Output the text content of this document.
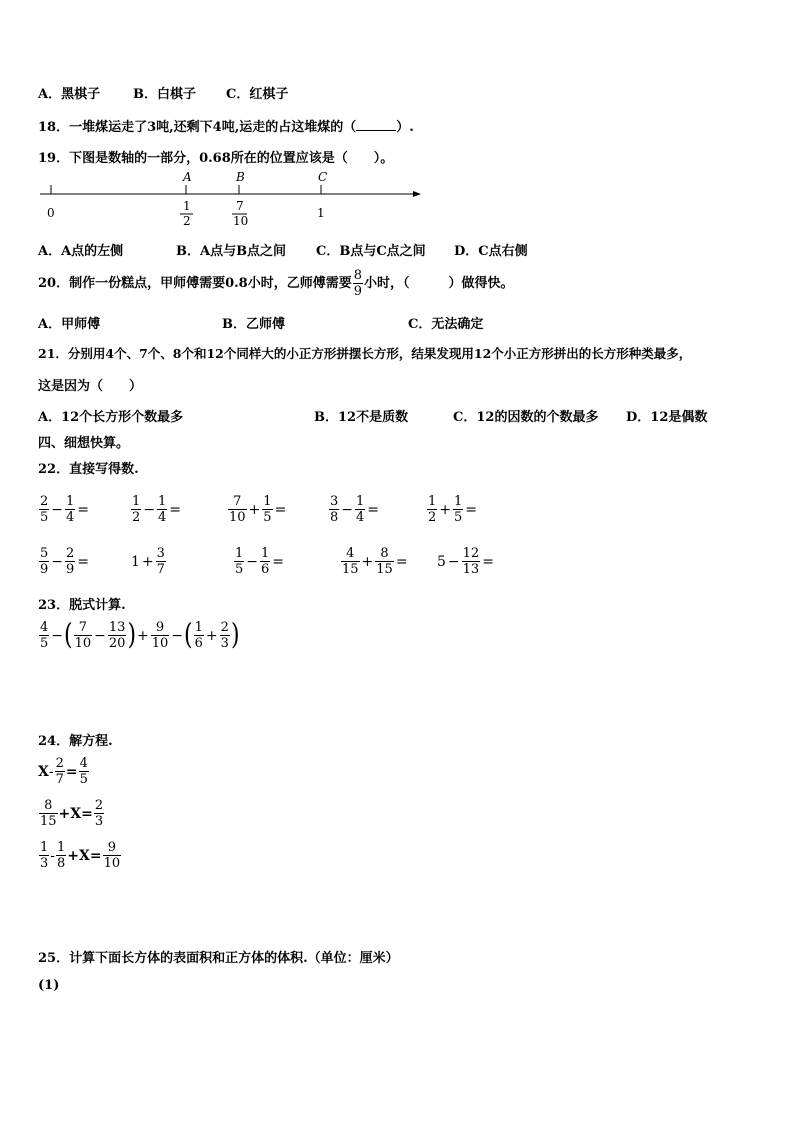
A．黑棋子	B．白棋子 C．红棋子
18．一堆煤运走了3吨,还剩下4吨,运走的占这堆煤的（	）.
19．下图是数轴的一部分，0.68所在的位置应该是（　　）。
A	B	C
0	1
2
7
10
1
A．A点的左侧	B．A点与B点之间 C．B点与C点之间 D．C点右侧
20．制作一份糕点，甲师傅需要0.8小时，乙师傅需要 $\frac{8}{9}$ 小时，（　　　）做得快。
A．甲师傅	B．乙师傅	C．无法确定
21．分别用4个、7个、8个和12个同样大的小正方形拼摆长方形，结果发现用12个小正方形拼出的长方形种类最多，
这是因为（　　）
A．12个长方形个数最多	B．12不是质数	C．12的因数的个数最多 D．12是偶数
四、细想快算。
22．直接写得数.
$\frac{2}{5} - \frac{1}{4}$ =	$\frac{1}{2} - \frac{1}{4}$ =	$\frac{7}{10} + \frac{1}{5}$ =	$\frac{3}{8} - \frac{1}{4}$ =	$\frac{1}{2} + \frac{1}{5}$ =
$\frac{5}{9} - \frac{2}{9}$ =	$1 + \frac{3}{7}$	$\frac{1}{5} - \frac{1}{6}$ =	$\frac{4}{15} + \frac{8}{15} = 5 - \frac{12}{13}$ =
23．脱式计算.
$\frac{4}{5}$ −( $\frac{7}{10} - \frac{13}{20}$ )+ $\frac{9}{10}$ −( $\frac{1}{6} + \frac{2}{3}$ )
24．解方程.
$X- \frac{2}{7} = \frac{4}{5}$
$\frac{8}{15} +X= \frac{2}{3}$
$\frac{1}{3} - \frac{1}{8} +X= \frac{9}{10}$
25．计算下面长方体的表面积和正方体的体积.（单位：厘米）
(1)
